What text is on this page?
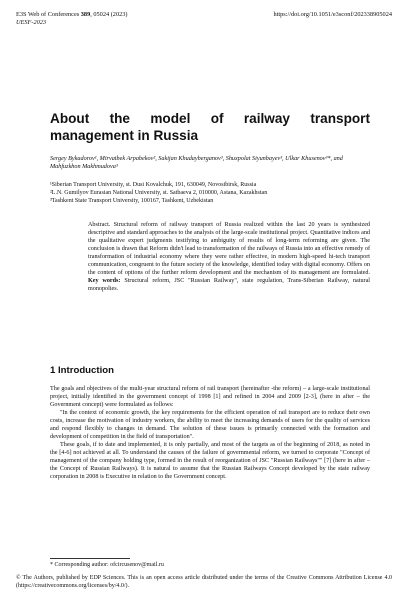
E3S Web of Conferences 389, 05024 (2023)	https://doi.org/10.1051/e3sconf/202338905024
UESF-2023
About the model of railway transport management in Russia
Sergey Bykadorov¹, Mirvatbek Arpabekov², Sakijan Khudayberganov³, Shuxpolat Siyunbayev³, Ulkar Khusenov³*, and Mahfuzkhon Makhmudova³
¹Siberian Transport University, st. Dusi Kovalchuk, 191, 630049, Novosibirsk, Russia
²L.N. Gumilyov Eurasian National University, st. Satbaeva 2, 010000, Astana, Kazakhstan
³Tashkent State Transport University, 100167, Tashkent, Uzbekistan

Abstract. Structural reform of railway transport of Russia realized within the last 20 years is synthesized descriptive and standard approaches to the analysis of the large-scale institutional project. Quantitative indices and the qualitative expert judgments testifying to ambiguity of results of long-term reforming are given. The conclusion is drawn that Reform didn't lead to transformation of the railways of Russia into an effective remedy of transformation of industrial economy where they were rather effective, in modern high-speed hi-tech transport communication, congruent to the future society of the knowledge, identified today with digital economy. Offers on the content of options of the further reform development and the mechanism of its management are formulated. Key words: Structural reform, JSC "Russian Railway", state regulation, Trans-Siberian Railway, natural monopolies.

1 Introduction

The goals and objectives of the multi-year structural reform of rail transport (hereinafter -the reform) – a large-scale institutional project, initially identified in the government concept of 1998 [1] and refined in 2004 and 2009 [2-3], (here in after – the Government concept) were formulated as follows:

"In the context of economic growth, the key requirements for the efficient operation of rail transport are to reduce their own costs, increase the motivation of industry workers, the ability to meet the increasing demands of users for the quality of services and respond flexibly to changes in demand. The solution of these issues is primarily connected with the formation and development of competition in the field of transportation".

These goals, if to date and implemented, it is only partially, and most of the targets as of the beginning of 2018, as noted in the [4-6] not achieved at all. To understand the causes of the failure of governmental reform, we turned to corporate "Concept of management of the company holding type, formed in the result of reorganization of JSC "Russian Railways"" [7] (here in after – the Concept of Russian Railways). It is natural to assume that the Russian Railways Concept developed by the state railway corporation in 2008 is Executive in relation to the Government concept.

* Corresponding author: ofcircusenov@mail.ru
© The Authors, published by EDP Sciences. This is an open access article distributed under the terms of the Creative Commons Attribution License 4.0 (https://creativecommons.org/licenses/by/4.0/).
